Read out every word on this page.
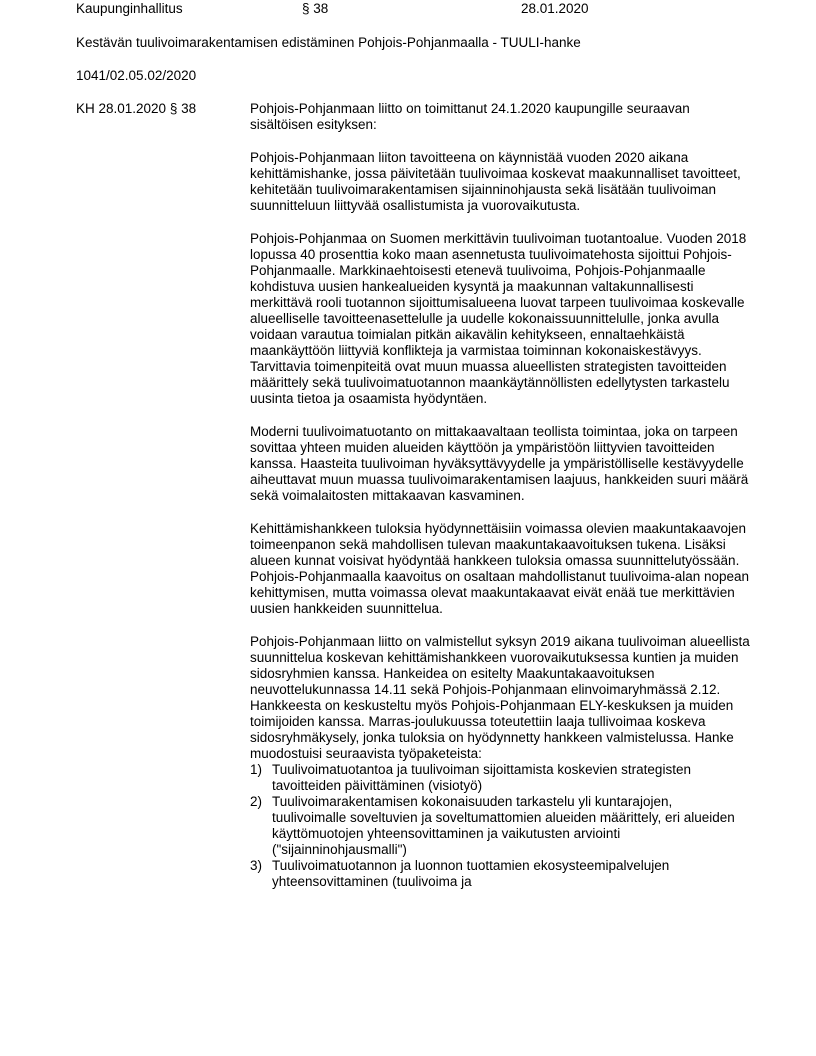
Kaupunginhallitus	§ 38	28.01.2020
Kestävän tuulivoimarakentamisen edistäminen Pohjois-Pohjanmaalla - TUULI-hanke
1041/02.05.02/2020
KH 28.01.2020 § 38	Pohjois-Pohjanmaan liitto on toimittanut 24.1.2020 kaupungille seuraavan sisältöisen esityksen:

Pohjois-Pohjanmaan liiton tavoitteena on käynnistää vuoden 2020 aikana kehittämishanke, jossa päivitetään tuulivoimaa koskevat maakunnalliset tavoitteet, kehitetään tuulivoimarakentamisen sijainninohjausta sekä lisätään tuulivoiman suunnitteluun liittyvää osallistumista ja vuorovaikutusta.

Pohjois-Pohjanmaa on Suomen merkittävin tuulivoiman tuotantoalue. Vuoden 2018 lopussa 40 prosenttia koko maan asennetusta tuulivoimatehosta sijoittui Pohjois-Pohjanmaalle. Markkinaehtoisesti etenevä tuulivoima, Pohjois-Pohjanmaalle kohdistuva uusien hankealueiden kysyntä ja maakunnan valtakunnallisesti merkittävä rooli tuotannon sijoittumisalueena luovat tarpeen tuulivoimaa koskevalle alueelliselle tavoitteenasettelulle ja uudelle kokonaissuunnittelulle, jonka avulla voidaan varautua toimialan pitkän aikavälin kehitykseen, ennaltaehkäistä maankäyttöön liittyviä konflikteja ja varmistaa toiminnan kokonaiskestävyys. Tarvittavia toimenpiteitä ovat muun muassa alueellisten strategisten tavoitteiden määrittely sekä tuulivoimatuotannon maankäytännöllisten edellytysten tarkastelu uusinta tietoa ja osaamista hyödyntäen.

Moderni tuulivoimatuotanto on mittakaavaltaan teollista toimintaa, joka on tarpeen sovittaa yhteen muiden alueiden käyttöön ja ympäristöön liittyvien tavoitteiden kanssa. Haasteita tuulivoiman hyväksyttävyydelle ja ympäristölliselle kestävyydelle aiheuttavat muun muassa tuulivoimarakentamisen laajuus, hankkeiden suuri määrä sekä voimalaitosten mittakaavan kasvaminen.

Kehittämishankkeen tuloksia hyödynnettäisiin voimassa olevien maakuntakaavojen toimeenpanon sekä mahdollisen tulevan maakuntakaavoituksen tukena. Lisäksi alueen kunnat voisivat hyödyntää hankkeen tuloksia omassa suunnittelutyössään. Pohjois-Pohjanmaalla kaavoitus on osaltaan mahdollistanut tuulivoima-alan nopean kehittymisen, mutta voimassa olevat maakuntakaavat eivät enää tue merkittävien uusien hankkeiden suunnittelua.

Pohjois-Pohjanmaan liitto on valmistellut syksyn 2019 aikana tuulivoiman alueellista suunnittelua koskevan kehittämishankkeen vuorovaikutuksessa kuntien ja muiden sidosryhmien kanssa. Hankeidea on esitelty Maakuntakaavoituksen neuvottelukunnassa 14.11 sekä Pohjois-Pohjanmaan elinvoimaryhmässä 2.12. Hankkeesta on keskusteltu myös Pohjois-Pohjanmaan ELY-keskuksen ja muiden toimijoiden kanssa. Marras-joulukuussa toteutettiin laaja tullivoimaa koskeva sidosryhmäkysely, jonka tuloksia on hyödynnetty hankkeen valmistelussa. Hanke muodostuisi seuraavista työpaketeista:

1) Tuulivoimatuotantoa ja tuulivoiman sijoittamista koskevien strategisten tavoitteiden päivittäminen (visiotyö)
2) Tuulivoimarakentamisen kokonaisuuden tarkastelu yli kuntarajojen, tuulivoimalle soveltuvien ja soveltumattomien alueiden määrittely, eri alueiden käyttömuotojen yhteensovittaminen ja vaikutusten arviointi ("sijainninohjausmalli")
3) Tuulivoimatuotannon ja luonnon tuottamien ekosysteemipalvelujen yhteensovittaminen (tuulivoima ja
